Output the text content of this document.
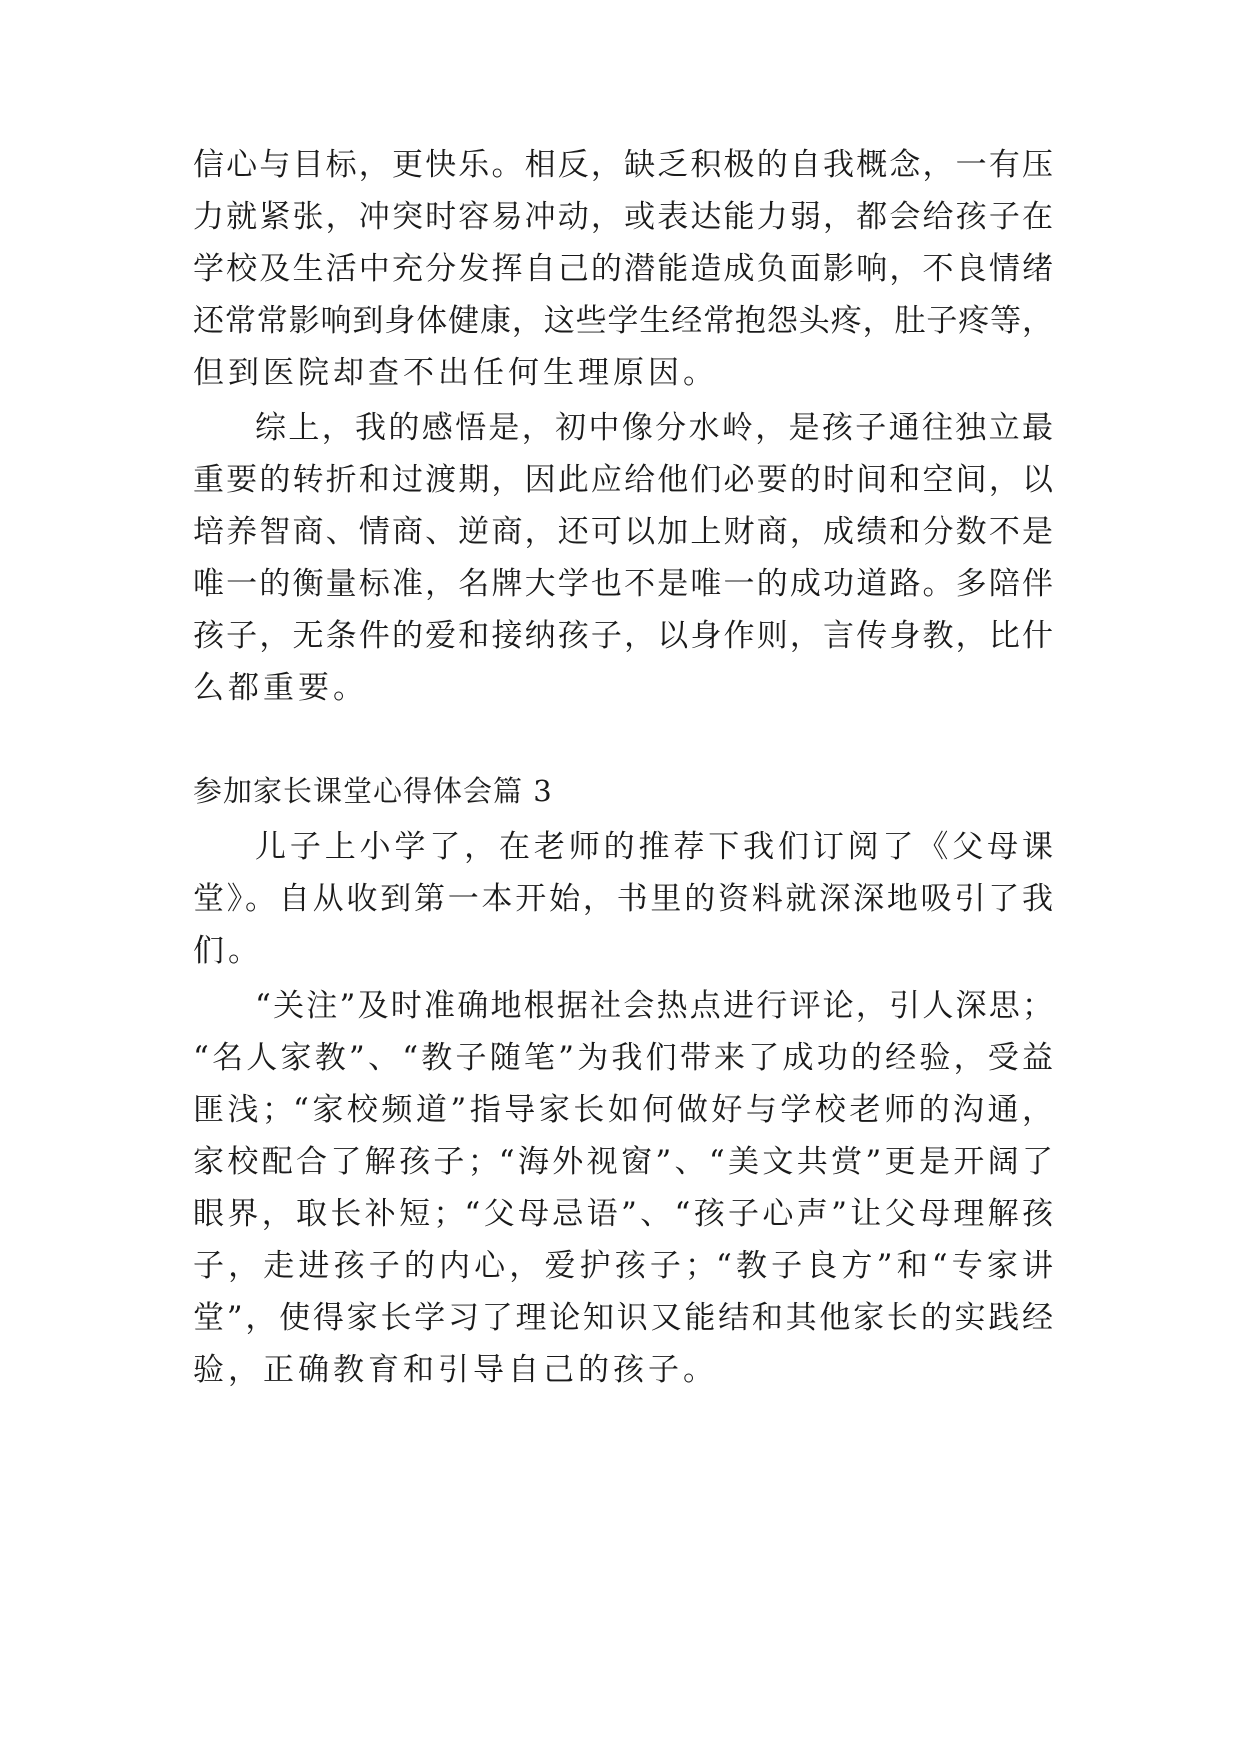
信心与目标，更快乐。相反，缺乏积极的自我概念，一有压
力就紧张，冲突时容易冲动，或表达能力弱，都会给孩子在
学校及生活中充分发挥自己的潜能造成负面影响，不良情绪
还常常影响到身体健康，这些学生经常抱怨头疼，肚子疼等，
但到医院却查不出任何生理原因。
综上，我的感悟是，初中像分水岭，是孩子通往独立最
重要的转折和过渡期，因此应给他们必要的时间和空间，以
培养智商、情商、逆商，还可以加上财商，成绩和分数不是
唯一的衡量标准，名牌大学也不是唯一的成功道路。多陪伴
孩子，无条件的爱和接纳孩子，以身作则，言传身教，比什
么都重要。
参加家长课堂心得体会篇 3
儿子上小学了，在老师的推荐下我们订阅了《父母课
堂》。自从收到第一本开始，书里的资料就深深地吸引了我
们。
“关注”及时准确地根据社会热点进行评论，引人深思；
“名人家教”、“教子随笔”为我们带来了成功的经验，受益
匪浅；“家校频道”指导家长如何做好与学校老师的沟通，
家校配合了解孩子；“海外视窗”、“美文共赏”更是开阔了
眼界，取长补短；“父母忌语”、“孩子心声”让父母理解孩
子，走进孩子的内心，爱护孩子；“教子良方”和“专家讲
堂”，使得家长学习了理论知识又能结和其他家长的实践经
验，正确教育和引导自己的孩子。
